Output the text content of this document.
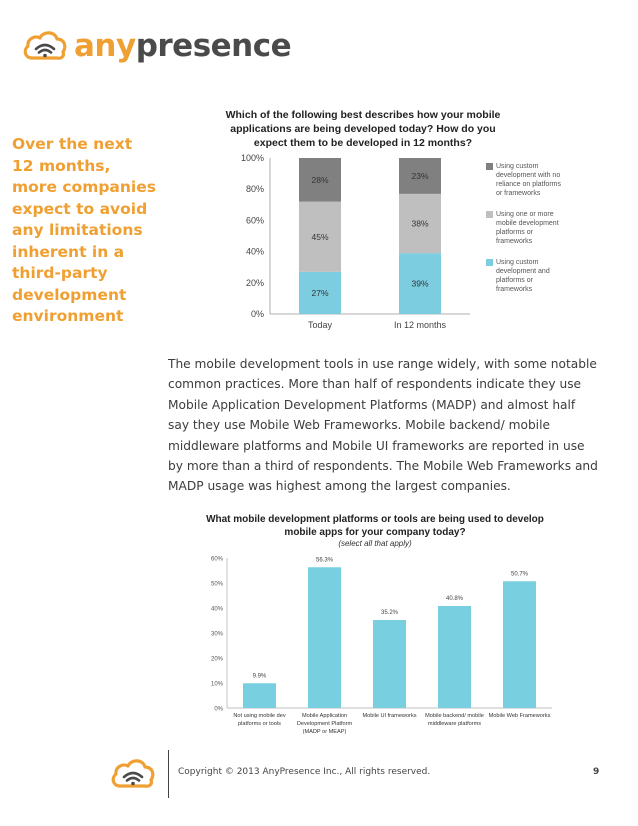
anypresence
Over the next
12 months,
more companies
expect to avoid
any limitations
inherent in a
third-party
development
environment
Which of the following best describes how your mobile applications are being developed today? How do you expect them to be developed in 12 months?
0%
20%
40%
60%
80%
100%
27%
45%
28%
Today
39%
38%
23%
In 12 months
Using custom development with no reliance on platforms or frameworks
Using one or more mobile development platforms or frameworks
Using custom development and platforms or frameworks
The mobile development tools in use range widely, with some notable common practices. More than half of respondents indicate they use Mobile Application Development Platforms (MADP) and almost half say they use Mobile Web Frameworks. Mobile backend/ mobile middleware platforms and Mobile UI frameworks are reported in use by more than a third of respondents. The Mobile Web Frameworks and MADP usage was highest among the largest companies.
What mobile development platforms or tools are being used to develop mobile apps for your company today?
(select all that apply)
0%
10%
20%
30%
40%
50%
60%
9.9%
Not using mobile dev
platforms or tools
56.3%
Mobile Application
Development Platform
(MADP or MEAP)
35.2%
Mobile UI frameworks
40.8%
Mobile backend/ mobile
middleware platforms
50.7%
Mobile Web Frameworks
Copyright © 2013 AnyPresence Inc., All rights reserved.	9
